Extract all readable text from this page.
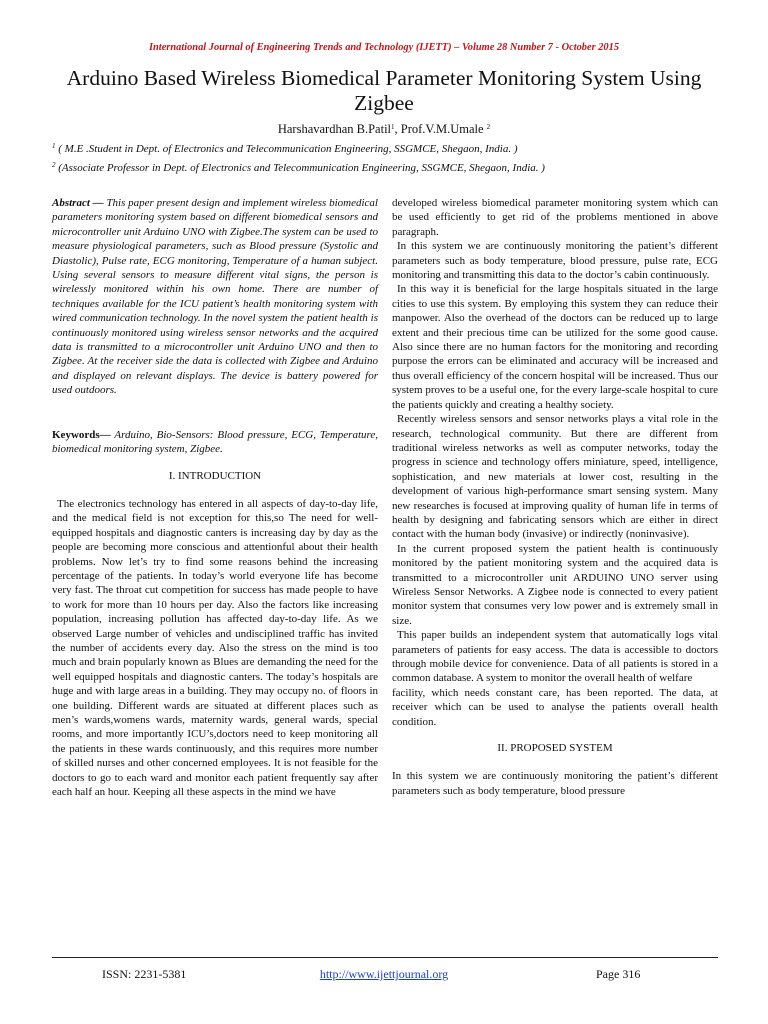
International Journal of Engineering Trends and Technology (IJETT) – Volume 28 Number 7 - October 2015
Arduino Based Wireless Biomedical Parameter Monitoring System Using Zigbee
Harshavardhan B.Patil$^1$, Prof.V.M.Umale $^2$
$^1$ ( M.E .Student in Dept. of Electronics and Telecommunication Engineering, SSGMCE, Shegaon, India. )
$^2$ (Associate Professor in Dept. of Electronics and Telecommunication Engineering, SSGMCE, Shegaon, India. )

Abstract — This paper present design and implement wireless biomedical parameters monitoring system based on different biomedical sensors and microcontroller unit Arduino UNO with Zigbee.The system can be used to measure physiological parameters, such as Blood pressure (Systolic and Diastolic), Pulse rate, ECG monitoring, Temperature of a human subject. Using several sensors to measure different vital signs, the person is wirelessly monitored within his own home. There are number of techniques available for the ICU patient’s health monitoring system with wired communication technology. In the novel system the patient health is continuously monitored using wireless sensor networks and the acquired data is transmitted to a microcontroller unit Arduino UNO and then to Zigbee. At the receiver side the data is collected with Zigbee and Arduino and displayed on relevant displays. The device is battery powered for used outdoors.

Keywords— Arduino, Bio-Sensors: Blood pressure, ECG, Temperature, biomedical monitoring system, Zigbee.

I. INTRODUCTION

The electronics technology has entered in all aspects of day-to-day life, and the medical field is not exception for this,so The need for well-equipped hospitals and diagnostic canters is increasing day by day as the people are becoming more conscious and attentionful about their health problems. Now let’s try to find some reasons behind the increasing percentage of the patients. In today’s world everyone life has become very fast. The throat cut competition for success has made people to have to work for more than 10 hours per day. Also the factors like increasing population, increasing pollution has affected day-to-day life. As we observed Large number of vehicles and undisciplined traffic has invited the number of accidents every day. Also the stress on the mind is too much and brain popularly known as Blues are demanding the need for the well equipped hospitals and diagnostic canters. The today’s hospitals are huge and with large areas in a building. They may occupy no. of floors in one building. Different wards are situated at different places such as men’s wards,womens wards, maternity wards, general wards, special rooms, and more importantly ICU’s,doctors need to keep monitoring all the patients in these wards continuously, and this requires more number of skilled nurses and other concerned employees. It is not feasible for the doctors to go to each ward and monitor each patient frequently say after each half an hour. Keeping all these aspects in the mind we have

developed wireless biomedical parameter monitoring system which can be used efficiently to get rid of the problems mentioned in above paragraph.

In this system we are continuously monitoring the patient’s different parameters such as body temperature, blood pressure, pulse rate, ECG monitoring and transmitting this data to the doctor’s cabin continuously.

In this way it is beneficial for the large hospitals situated in the large cities to use this system. By employing this system they can reduce their manpower. Also the overhead of the doctors can be reduced up to large extent and their precious time can be utilized for the some good cause. Also since there are no human factors for the monitoring and recording purpose the errors can be eliminated and accuracy will be increased and thus overall efficiency of the concern hospital will be increased. Thus our system proves to be a useful one, for the every large-scale hospital to cure the patients quickly and creating a healthy society.

Recently wireless sensors and sensor networks plays a vital role in the research, technological community. But there are different from traditional wireless networks as well as computer networks, today the progress in science and technology offers miniature, speed, intelligence, sophistication, and new materials at lower cost, resulting in the development of various high-performance smart sensing system. Many new researches is focused at improving quality of human life in terms of health by designing and fabricating sensors which are either in direct contact with the human body (invasive) or indirectly (noninvasive).

In the current proposed system the patient health is continuously monitored by the patient monitoring system and the acquired data is transmitted to a microcontroller unit ARDUINO UNO server using Wireless Sensor Networks. A Zigbee node is connected to every patient monitor system that consumes very low power and is extremely small in size.

This paper builds an independent system that automatically logs vital parameters of patients for easy access. The data is accessible to doctors through mobile device for convenience. Data of all patients is stored in a common database. A system to monitor the overall health of welfare

facility, which needs constant care, has been reported. The data, at receiver which can be used to analyse the patients overall health condition.

II. PROPOSED SYSTEM

In this system we are continuously monitoring the patient’s different parameters such as body temperature, blood pressure

ISSN: 2231-5381	http://www.ijettjournal.org	Page 316
